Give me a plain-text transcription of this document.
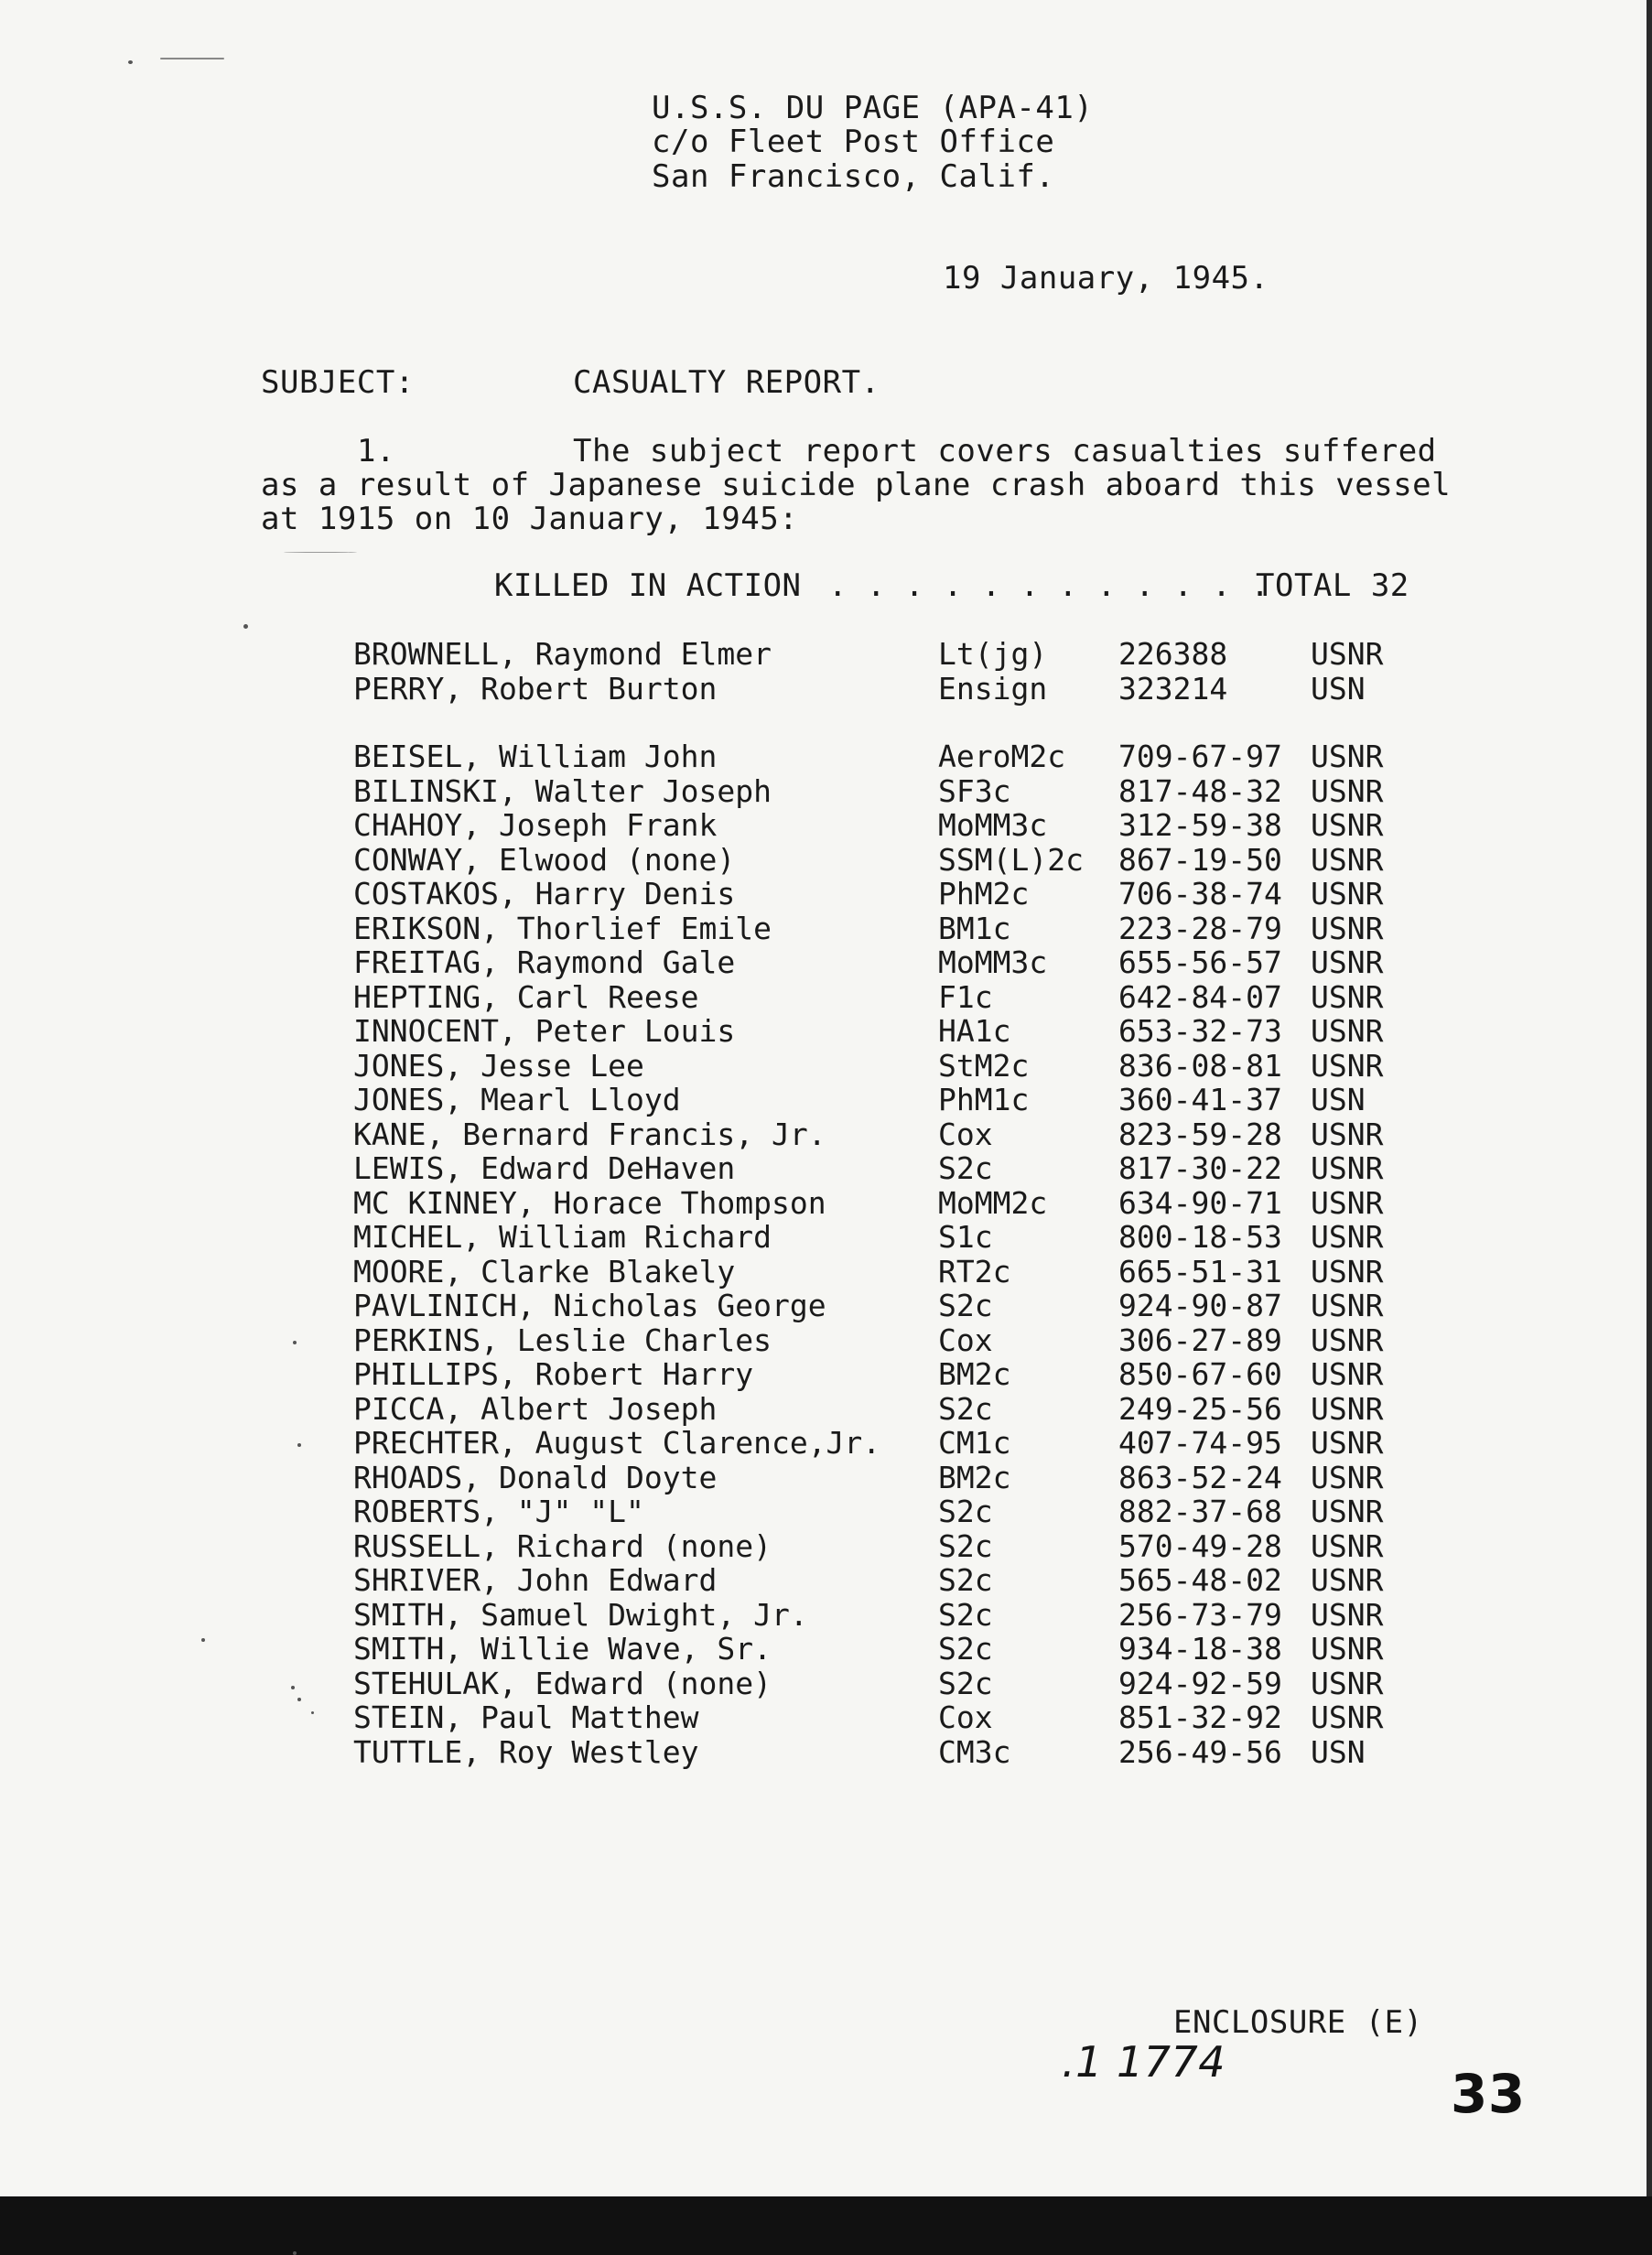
U.S.S. DU PAGE (APA-41)
c/o Fleet Post Office
San Francisco, Calif.
19 January, 1945.
SUBJECT:	CASUALTY REPORT.
1.	The subject report covers casualties suffered
as a result of Japanese suicide plane crash aboard this vessel
at 1915 on 10 January, 1945:
KILLED IN ACTION . . . . . . . . . . . .
TOTAL 32
BROWNELL, Raymond Elmer	Lt(jg) 226388	USNR
PERRY, Robert Burton	Ensign 323214	USN
BEISEL, William John	AeroM2c 709-67-97 USNR
BILINSKI, Walter Joseph	SF3c	817-48-32 USNR
CHAHOY, Joseph Frank	MoMM3c 312-59-38 USNR
CONWAY, Elwood (none)	SSM(L)2c 867-19-50 USNR
COSTAKOS, Harry Denis	PhM2c	706-38-74 USNR
ERIKSON, Thorlief Emile	BM1c	223-28-79 USNR
FREITAG, Raymond Gale	MoMM3c 655-56-57 USNR
HEPTING, Carl Reese	F1c	642-84-07 USNR
INNOCENT, Peter Louis	HA1c	653-32-73 USNR
JONES, Jesse Lee	StM2c	836-08-81 USNR
JONES, Mearl Lloyd	PhM1c	360-41-37 USN
KANE, Bernard Francis, Jr.	Cox	823-59-28 USNR
LEWIS, Edward DeHaven	S2c	817-30-22 USNR
MC KINNEY, Horace Thompson	MoMM2c 634-90-71 USNR
MICHEL, William Richard	S1c	800-18-53 USNR
MOORE, Clarke Blakely	RT2c	665-51-31 USNR
PAVLINICH, Nicholas George	S2c	924-90-87 USNR
PERKINS, Leslie Charles	Cox	306-27-89 USNR
PHILLIPS, Robert Harry	BM2c	850-67-60 USNR
PICCA, Albert Joseph	S2c	249-25-56 USNR
PRECHTER, August Clarence,Jr. CM1c	407-74-95 USNR
RHOADS, Donald Doyte	BM2c	863-52-24 USNR
ROBERTS, "J" "L"	S2c	882-37-68 USNR
RUSSELL, Richard (none)	S2c	570-49-28 USNR
SHRIVER, John Edward	S2c	565-48-02 USNR
SMITH, Samuel Dwight, Jr.	S2c	256-73-79 USNR
SMITH, Willie Wave, Sr.	S2c	934-18-38 USNR
STEHULAK, Edward (none)	S2c	924-92-59 USNR
STEIN, Paul Matthew	Cox	851-32-92 USNR
TUTTLE, Roy Westley	CM3c	256-49-56 USN
ENCLOSURE (E)
.1 1774
33
